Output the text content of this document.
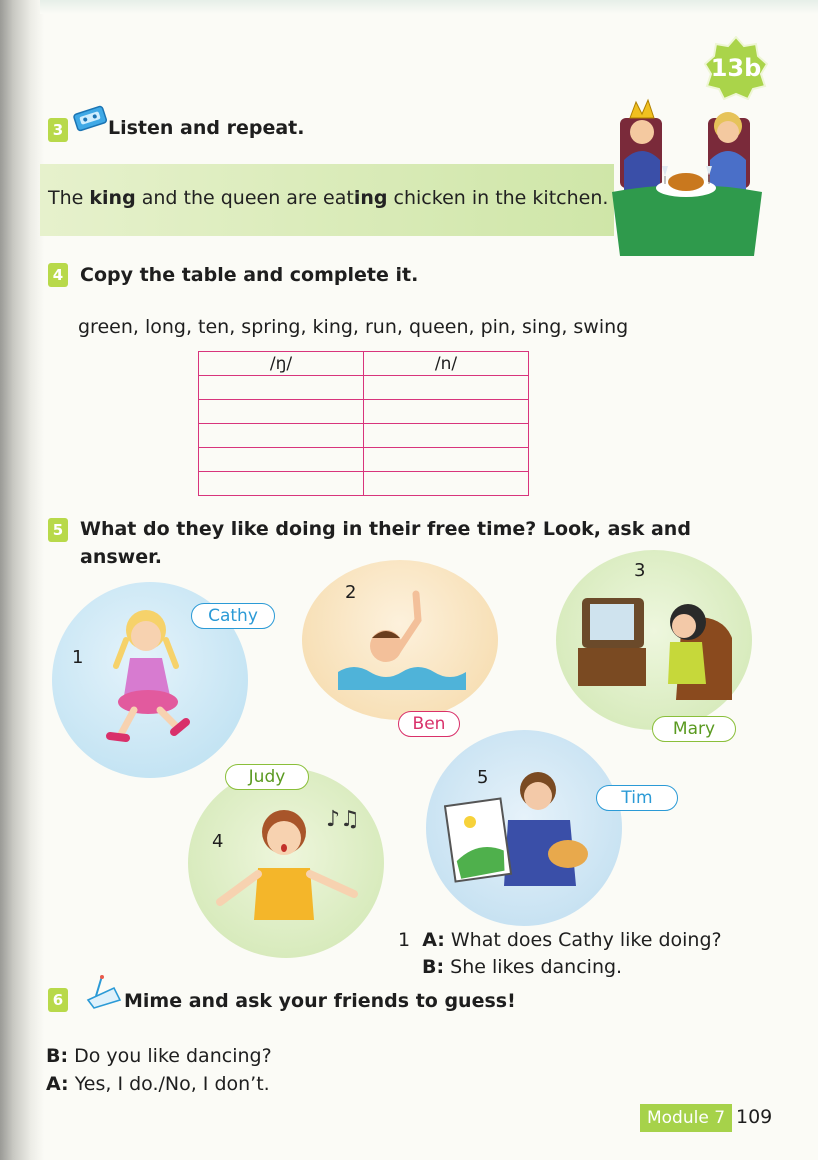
13b
3 Listen and repeat.
The king and the queen are eating chicken in the kitchen.
4 Copy the table and complete it.
green, long, ten, spring, king, run, queen, pin, sing, swing
/ŋ/	/n/

5 What do they like doing in their free time? Look, ask and
answer.
1
Cathy
2
Ben
3
Mary
♪♫
4
Judy	5
Tim
1 A: What does Cathy like doing?
B: She likes dancing.
6	Mime and ask your friends to guess!
B: Do you like dancing?
A: Yes, I do./No, I don’t.
Module 7 109
